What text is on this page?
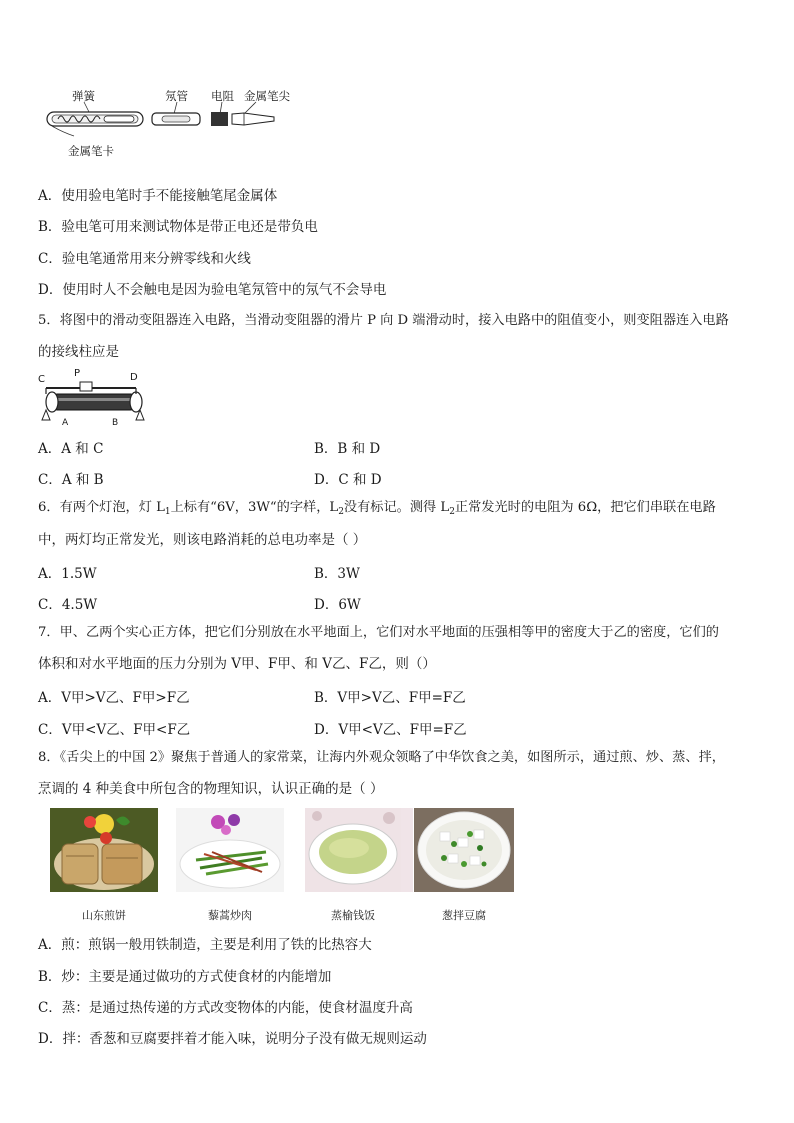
弹簧	氖管 电阻 金属笔尖
金属笔卡
A．使用验电笔时手不能接触笔尾金属体
B．验电笔可用来测试物体是带正电还是带负电
C．验电笔通常用来分辨零线和火线
D．使用时人不会触电是因为验电笔氖管中的氖气不会导电
5．将图中的滑动变阻器连入电路，当滑动变阻器的滑片 P 向 D 端滑动时，接入电路中的阻值变小，则变阻器连入电路
的接线柱应是
C
P	D
A	B
A．A 和 C	B．B 和 D
C．A 和 B	D．C 和 D
6．有两个灯泡，灯 $L_1$上标有“6V，3W“的字样，$L_2$没有标记。测得 $L_2$正常发光时的电阻为 6Ω，把它们串联在电路
中，两灯均正常发光，则该电路消耗的总电功率是（ ）
A．1.5W	B．3W
C．4.5W	D．6W
7．甲、乙两个实心正方体，把它们分别放在水平地面上，它们对水平地面的压强相等甲的密度大于乙的密度，它们的
体积和对水平地面的压力分别为 V甲、F甲、和 V乙、F乙，则（）
A．V甲>V乙、F甲>F乙	B．V甲>V乙、F甲=F乙
C．V甲<V乙、F甲<F乙	D．V甲<V乙、F甲=F乙
8．《舌尖上的中国 2》聚焦于普通人的家常菜，让海内外观众领略了中华饮食之美，如图所示，通过煎、炒、蒸、拌，
烹调的 4 种美食中所包含的物理知识，认识正确的是（ ）
山东煎饼	藜蒿炒肉	蒸榆钱饭	葱拌豆腐
A．煎：煎锅一般用铁制造，主要是利用了铁的比热容大
B．炒：主要是通过做功的方式使食材的内能增加
C．蒸：是通过热传递的方式改变物体的内能，使食材温度升高
D．拌：香葱和豆腐要拌着才能入味，说明分子没有做无规则运动
